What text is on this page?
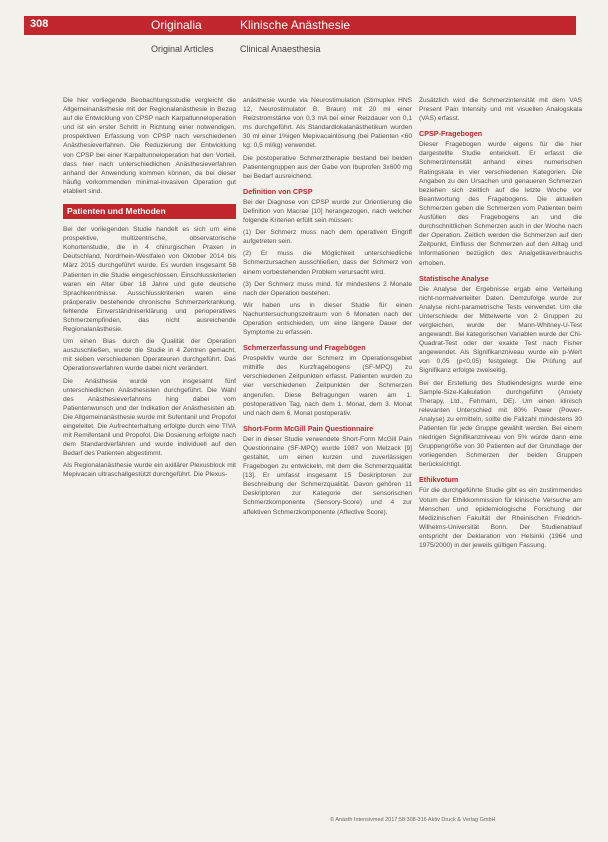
308	Originalia	Klinische Anästhesie
Original Articles	Clinical Anaesthesia

Die hier vorliegende Beobachtungsstudie vergleicht die Allgemeinanästhesie mit der Regionalanästhesie in Bezug auf die Entwicklung von CPSP nach Karpaltunneloperation und ist ein erster Schritt in Richtung einer notwendigen, prospektiven Erfassung von CPSP nach verschiedenen Anästhesieverfahren. Die Reduzierung der Entwicklung von CPSP bei einer Karpaltunneloperation hat den Vorteil, dass hier nach unterschiedlichen Anästhesieverfahren anhand der Anwendung kommen können, da bei dieser häufig vorkommenden minimal-invasiven Operation gut etabliert sind.

Patienten und Methoden

Bei der vorliegenden Studie handelt es sich um eine prospektive, multizentrische, observatorische Kohortenstudie, die in 4 chirurgischen Praxen in Deutschland, Nordrhein-Westfalen von Oktober 2014 bis März 2015 durchgeführt wurde. Es wurden insgesamt 58 Patienten in die Studie eingeschlossen. Einschlusskriterien waren ein Alter über 18 Jahre und gute deutsche Sprachkenntnisse. Ausschlusskriterien waren eine präoperativ bestehende chronische Schmerzerkrankung, fehlende Einverständniserklärung und perioperatives Schmerzempfinden, das nicht ausreichende Regionalanästhesie.

Um einen Bias durch die Qualität der Operation auszuschließen, wurde die Studie in 4 Zentren gemacht, mit sieben verschiedenen Operateuren durchgeführt. Das Operationsverfahren wurde dabei nicht verändert.

Die Anästhesie wurde von insgesamt fünf unterschiedlichen Anästhesisten durchgeführt. Die Wahl des Anästhesieverfahrens hing dabei vom Patientenwunsch und der Indikation der Anästhesisten ab. Die Allgemeinanästhesie wurde mit Sufentanil und Propofol eingeleitet. Die Aufrechterhaltung erfolgte durch eine TIVA mit Remifentanil und Propofol. Die Dosierung erfolgte nach dem Standardverfahren und wurde individuell auf den Bedarf des Patienten abgestimmt.

Als Regionalanästhesie wurde ein axillärer Plexusblock mit Mepivacain ultraschallgestützt durchgeführt. Die Plexus-

anästhesie wurde via Neurostimulation (Stimuplex HNS 12, Neurostimulator B. Braun) mit 20 ml einer Reizstromstärke von 0,3 mA bei einer Reizdauer von 0,1 ms durchgeführt. Als Standardlokalanästhetikum wurden 30 ml einer 1%igen Mepivacainlösung (bei Patienten <60 kg: 0,5 ml/kg) verwendet.

Die postoperative Schmerztherapie bestand bei beiden Patientengruppen aus der Gabe von Ibuprofen 3x600 mg bei Bedarf ausreichend.

Definition von CPSP

Bei der Diagnose von CPSP wurde zur Orientierung die Definition von Macrae [10] herangezogen, nach welcher folgende Kriterien erfüllt sein müssen:

(1) Der Schmerz muss nach dem operativen Eingriff aufgetreten sein.

(2) Er muss die Möglichkeit unterschiedliche Schmerzursachen ausschließen, dass der Schmerz von einem vorbestehenden Problem verursacht wird.

(3) Der Schmerz muss mind. für mindestens 2 Monate nach der Operation bestehen.

Wir haben uns in dieser Studie für einen Nachuntersuchungszeitraum von 6 Monaten nach der Operation entschieden, um eine längere Dauer der Symptome zu erfassen.

Schmerzerfassung und Fragebögen

Prospektiv wurde der Schmerz im Operationsgebiet mithilfe des Kurzfragebogens (SF-MPQ) zu verschiedenen Zeitpunkten erfasst. Patienten wurden zu vier verschiedenen Zeitpunkten der Schmerzen angerufen. Diese Befragungen waren am 1. postoperativen Tag, nach dem 1. Monat, dem 3. Monat und nach dem 6. Monat postoperativ.

Short-Form McGill Pain Questionnaire

Der in dieser Studie verwendete Short-Form McGill Pain Questionnaire (SF-MPQ) wurde 1987 von Melzack [9] gestaltet, um einen kurzen und zuverlässigen Fragebogen zu entwickeln, mit dem die Schmerzqualität [13]. Er umfasst insgesamt 15 Deskriptoren zur Beschreibung der Schmerzqualität. Davon gehören 11 Deskriptoren zur Kategorie der sensorischen Schmerzkomponente (Sensory-Score) und 4 zur affektiven Schmerzkomponente (Affective Score).

Zusätzlich wird die Schmerzintensität mit dem VAS Present Pain Intensity und mit visuellen Analogskala (VAS) erfasst.

CPSP-Fragebogen

Dieser Fragebogen wurde eigens für die hier dargestellte Studie entwickelt. Er erfasst die Schmerzintensität anhand eines numerischen Ratingskala in vier verschiedenen Kategorien. Die Angaben zu den Ursachen und genaueren Schmerzen beziehen sich zeitlich auf die letzte Woche vor Beantwortung des Fragebogens. Die aktuellen Schmerzen geben die Schmerzen vom Patienten beim Ausfüllen des Fragebogens an und die durchschnittlichen Schmerzen auch in der Woche nach der Operation. Zeitlich werden die Schmerzen auf den Zeitpunkt, Einfluss der Schmerzen auf den Alltag und Informationen bezüglich des Analgetikaverbrauchs erhoben.

Statistische Analyse

Die Analyse der Ergebnisse ergab eine Verteilung nicht-normalverteilter Daten. Demzufolge wurde zur Analyse nicht-parametrische Tests verwendet. Um die Unterschiede der Mittelwerte von 2 Gruppen zu vergleichen, wurde der Mann-Whitney-U-Test angewandt. Bei kategorischen Variablen wurde der Chi-Quadrat-Test oder der exakte Test nach Fisher angewendet. Als Signifikanzniveau wurde ein p-Wert von 0,05 (p<0,05) festgelegt. Die Prüfung auf Signifikanz erfolgte zweiseitig.

Bei der Erstellung des Studiendesigns wurde eine Sample-Size-Kalkulation durchgeführt (Anxiety Therapy, Ltd., Fehmarn, DE). Um einen klinisch relevanten Unterschied mit 80% Power (Power-Analyse) zu ermitteln, sollte die Fallzahl mindestens 30 Patienten für jede Gruppe gewählt werden. Bei einem niedrigen Signifikanzniveau von 5% würde dann eine Gruppengröße von 30 Patienten auf der Grundlage der vorliegenden Schmerzen der beiden Gruppen berücksichtigt.

Ethikvotum

Für die durchgeführte Studie gibt es ein zustimmendes Votum der Ethikkommission für klinische Versuche am Menschen und epidemiologische Forschung der Medizinischen Fakultät der Rheinischen Friedrich-Wilhelms-Universität Bonn. Der Studienablauf entspricht der Deklaration von Helsinki (1964 und 1975/2000) in der jeweils gültigen Fassung.

© Anästh Intensivmed 2017;58:308-316 Aktiv Druck & Verlag GmbH
